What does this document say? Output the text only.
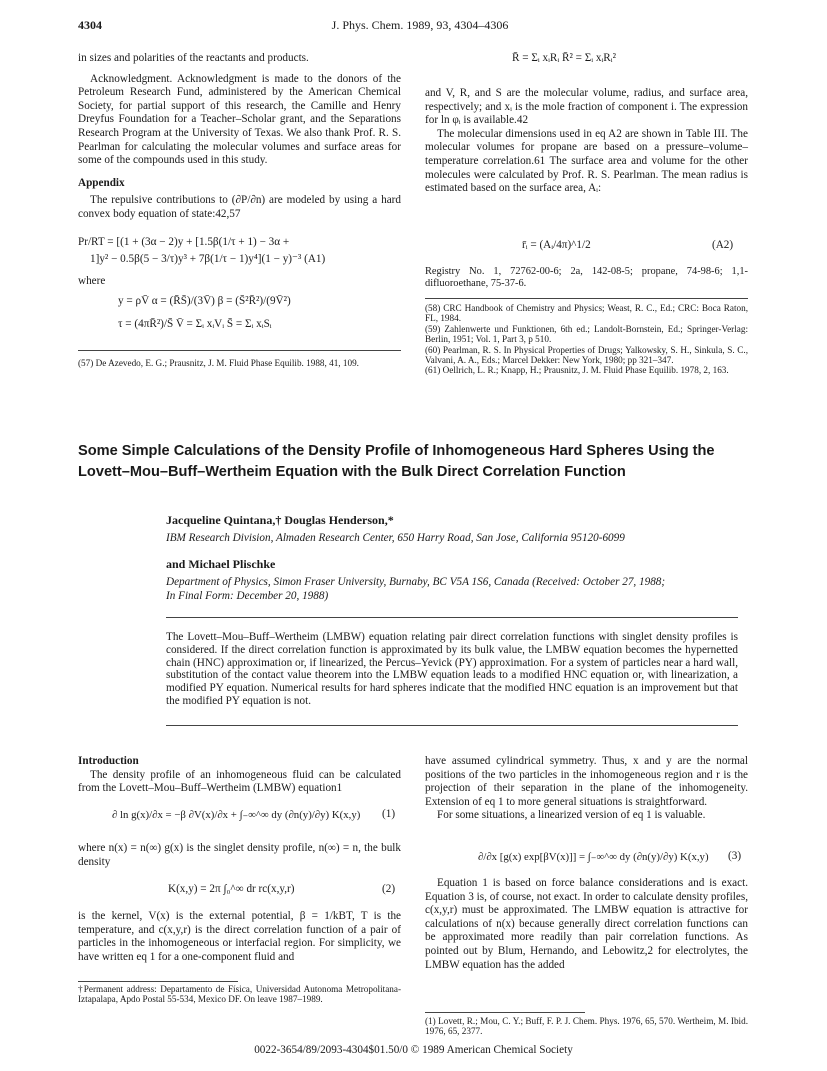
4304	J. Phys. Chem. 1989, 93, 4304–4306

in sizes and polarities of the reactants and products.

Acknowledgment. Acknowledgment is made to the donors of the Petroleum Research Fund, administered by the American Chemical Society, for partial support of this research, the Camille and Henry Dreyfus Foundation for a Teacher–Scholar grant, and the Separations Research Program at the University of Texas. We also thank Prof. R. S. Pearlman for calculating the molecular volumes and surface areas for some of the compounds used in this study.

Appendix

The repulsive contributions to (∂P/∂n) are modeled by using a hard convex body equation of state:42,57

Pr/RT = [(1 + (3α − 2)y + [1.5β(1/τ + 1) − 3α +
1]y² − 0.5β(5 − 3/τ)y³ + 7β(1/τ − 1)y⁴](1 − y)⁻³ (A1)
where
y = ρV̄ α = (R̄S̄)/(3V̄) β = (S̄²R̄²)/(9V̄²)
τ = (4πR̄²)/S̄ V̄ = Σᵢ xᵢVᵢ S̄ = Σᵢ xᵢSᵢ
(57) De Azevedo, E. G.; Prausnitz, J. M. Fluid Phase Equilib. 1988, 41, 109.
R̄ = Σᵢ xᵢRᵢ R̄² = Σᵢ xᵢRᵢ²

and V, R, and S are the molecular volume, radius, and surface area, respectively; and xᵢ is the mole fraction of component i. The expression for ln φᵢ is available.42

The molecular dimensions used in eq A2 are shown in Table III. The molecular volumes for propane are based on a pressure–volume–temperature correlation.61 The surface area and volume for the other molecules were calculated by Prof. R. S. Pearlman. The mean radius is estimated based on the surface area, Aᵢ:

r̄ᵢ = (Aᵢ/4π)^1/2	(A2)
Registry No. 1, 72762-00-6; 2a, 142-08-5; propane, 74-98-6; 1,1-difluoroethane, 75-37-6.
(58) CRC Handbook of Chemistry and Physics; Weast, R. C., Ed.; CRC: Boca Raton, FL, 1984.
(59) Zahlenwerte und Funktionen, 6th ed.; Landolt-Bornstein, Ed.; Springer-Verlag: Berlin, 1951; Vol. 1, Part 3, p 510.
(60) Pearlman, R. S. In Physical Properties of Drugs; Yalkowsky, S. H., Sinkula, S. C., Valvani, A. A., Eds.; Marcel Dekker: New York, 1980; pp 321–347.
(61) Oellrich, L. R.; Knapp, H.; Prausnitz, J. M. Fluid Phase Equilib. 1978, 2, 163.
Some Simple Calculations of the Density Profile of Inhomogeneous Hard Spheres Using the Lovett–Mou–Buff–Wertheim Equation with the Bulk Direct Correlation Function
Jacqueline Quintana,† Douglas Henderson,*
IBM Research Division, Almaden Research Center, 650 Harry Road, San Jose, California 95120-6099
and Michael Plischke
Department of Physics, Simon Fraser University, Burnaby, BC V5A 1S6, Canada (Received: October 27, 1988;
In Final Form: December 20, 1988)
The Lovett–Mou–Buff–Wertheim (LMBW) equation relating pair direct correlation functions with singlet density profiles is considered. If the direct correlation function is approximated by its bulk value, the LMBW equation becomes the hypernetted chain (HNC) approximation or, if linearized, the Percus–Yevick (PY) approximation. For a system of particles near a hard wall, substitution of the contact value theorem into the LMBW equation leads to a modified HNC equation or, with linearization, a modified PY equation. Numerical results for hard spheres indicate that the modified HNC equation is an improvement but that the modified PY equation is not.

Introduction

The density profile of an inhomogeneous fluid can be calculated from the Lovett–Mou–Buff–Wertheim (LMBW) equation1

∂ ln g(x)/∂x = −β ∂V(x)/∂x + ∫₋∞^∞ dy (∂n(y)/∂y) K(x,y) (1)
where n(x) = n(∞) g(x) is the singlet density profile, n(∞) = n, the bulk density
K(x,y) = 2π ∫₀^∞ dr rc(x,y,r)	(2)
is the kernel, V(x) is the external potential, β = 1/kBT, T is the temperature, and c(x,y,r) is the direct correlation function of a pair of particles in the inhomogeneous or interfacial region. For simplicity, we have written eq 1 for a one-component fluid and
†Permanent address: Departamento de Física, Universidad Autonoma Metropolitana-Iztapalapa, Apdo Postal 55-534, Mexico DF. On leave 1987–1989.

have assumed cylindrical symmetry. Thus, x and y are the normal positions of the two particles in the inhomogeneous region and r is the projection of their separation in the plane of the inhomogeneity. Extension of eq 1 to more general situations is straightforward.

For some situations, a linearized version of eq 1 is valuable.

∂/∂x [g(x) exp[βV(x)]] = ∫₋∞^∞ dy (∂n(y)/∂y) K(x,y) (3)

Equation 1 is based on force balance considerations and is exact. Equation 3 is, of course, not exact. In order to calculate density profiles, c(x,y,r) must be approximated. The LMBW equation is attractive for calculations of n(x) because generally direct correlation functions can be approximated more readily than pair correlation functions. As pointed out by Blum, Hernando, and Lebowitz,2 for electrolytes, the LMBW equation has the added

(1) Lovett, R.; Mou, C. Y.; Buff, F. P. J. Chem. Phys. 1976, 65, 570. Wertheim, M. Ibid. 1976, 65, 2377.
0022-3654/89/2093-4304$01.50/0 © 1989 American Chemical Society
